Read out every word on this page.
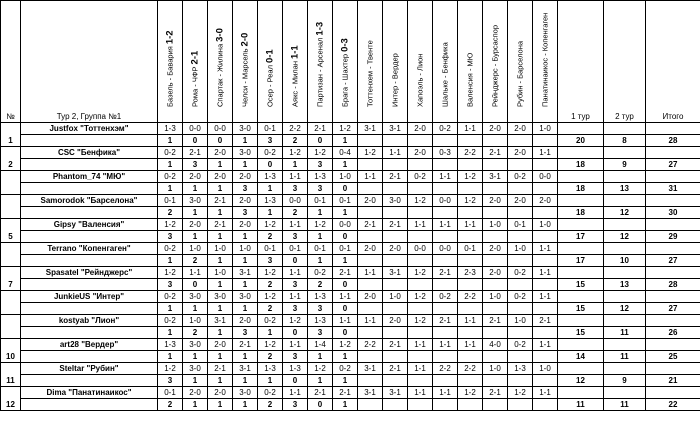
№	Тур 2, Группа №1	Базель - Бавария1-2	Рома - ЧФР2-1	Спартак - Жилина3-0	Челси - Марсель2-0	Осер - Реал0-1	Аякс - Милан1-1	Партизан - Арсенал1-3	Брага - Шахтер0-3	Тоттенхем - Твенте	Интер - Вердер	Хапоэль - Лион	Шальке - Бенфика	Валенсия - МЮ	Рейнджерс - Бурсаспор	Рубин - Барселона	Панатинаикос - Копенгаген	1 тур	2 тур	Итого
1	Justfox "Тоттенхэм"	1-3	0-0	0-0	3-0	0-1	2-2	2-1	1-2	3-1	3-1	2-0	0-2	1-1	2-0	2-0	1-0			
		1	0	0	1	3	2	0	1									20	8	28
2	CSC "Бенфика"	0-2	2-1	2-0	3-0	0-2	1-2	1-2	0-4	1-2	1-1	2-0	0-3	2-2	2-1	2-0	1-1			
		1	3	1	1	0	1	3	1									18	9	27
	Phantom_74 "МЮ"	0-2	2-0	2-0	2-0	1-3	1-1	1-3	1-0	1-1	2-1	0-2	1-1	1-2	3-1	0-2	0-0			
		1	1	1	3	1	3	3	0									18	13	31
	Samorodok "Барселона"	0-1	3-0	2-1	2-0	1-3	0-0	0-1	0-1	2-0	3-0	1-2	0-0	1-2	2-0	2-0	2-0			
		2	1	1	3	1	2	1	1									18	12	30
5	Gipsy "Валенсия"	1-2	2-0	2-1	2-0	1-2	1-1	1-2	0-0	2-1	2-1	1-1	1-1	1-1	1-0	0-1	1-0			
		3	1	1	1	2	3	1	0									17	12	29
	Terrano "Копенгаген"	0-2	1-0	1-0	1-0	0-1	0-1	0-1	0-1	2-0	2-0	0-0	0-0	0-1	2-0	1-0	1-1			
		1	2	1	1	3	0	1	1									17	10	27
7	Spasatel "Рейнджерс"	1-2	1-1	1-0	3-1	1-2	1-1	0-2	2-1	1-1	3-1	1-2	2-1	2-3	2-0	0-2	1-1			
		3	0	1	1	2	3	2	0									15	13	28
	JunkieUS "Интер"	0-2	3-0	3-0	3-0	1-2	1-1	1-3	1-1	2-0	1-0	1-2	0-2	2-2	1-0	0-2	1-1			
		1	1	1	1	2	3	3	0									15	12	27
	kostyab "Лион"	0-2	1-0	3-1	2-0	0-2	1-2	1-3	1-1	1-1	2-0	1-2	2-1	1-1	2-1	1-0	2-1			
		1	2	1	3	1	0	3	0									15	11	26
10	art28 "Вердер"	1-3	3-0	2-0	2-1	1-2	1-1	1-4	1-2	2-2	2-1	1-1	1-1	1-1	4-0	0-2	1-1			
		1	1	1	1	2	3	1	1									14	11	25
11	Steltar "Рубин"	1-2	3-0	2-1	3-1	1-3	1-3	1-2	0-2	3-1	2-1	1-1	2-2	2-2	1-0	1-3	1-0			
		3	1	1	1	1	0	1	1									12	9	21
12	Dima "Панатинаикос"	0-1	2-0	2-0	3-0	0-2	1-1	2-1	2-1	3-1	3-1	1-1	1-1	1-2	2-1	1-2	1-1			
		2	1	1	1	2	3	0	1									11	11	22
